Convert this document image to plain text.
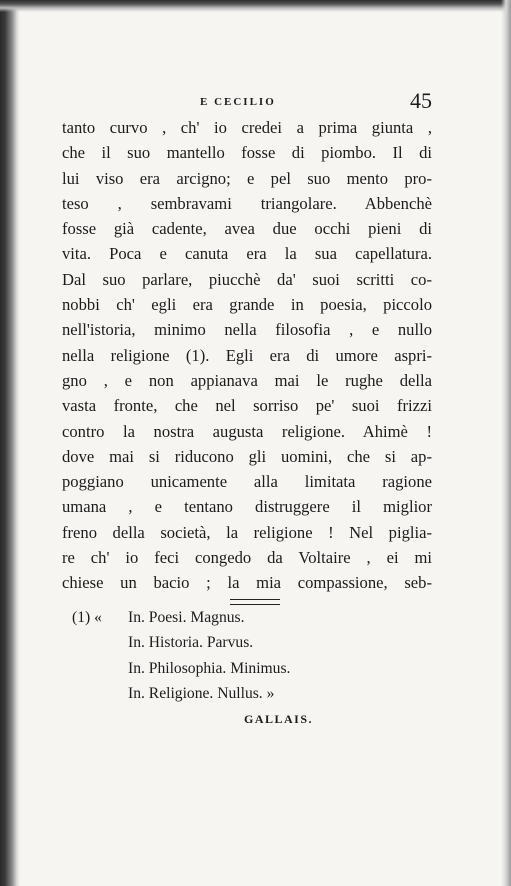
E CECILIO	45
tanto curvo , ch' io credei a prima giunta ,
che il suo mantello fosse di piombo. Il di
lui viso era arcigno; e pel suo mento pro-
teso , sembravami triangolare. Abbenchè
fosse già cadente, avea due occhi pieni di
vita. Poca e canuta era la sua capellatura.
Dal suo parlare, piucchè da' suoi scritti co-
nobbi ch' egli era grande in poesia, piccolo
nell'istoria, minimo nella filosofia , e nullo
nella religione (1). Egli era di umore aspri-
gno , e non appianava mai le rughe della
vasta fronte, che nel sorriso pe' suoi frizzi
contro la nostra augusta religione. Ahimè !
dove mai si riducono gli uomini, che si ap-
poggiano unicamente alla limitata ragione
umana , e tentano distruggere il miglior
freno della società, la religione ! Nel piglia-
re ch' io feci congedo da Voltaire , ei mi
chiese un bacio ; la mia compassione, seb-
(1) « In. Poesi. Magnus.
In. Historia. Parvus.
In. Philosophia. Minimus.
In. Religione. Nullus. »
GALLAIS.
